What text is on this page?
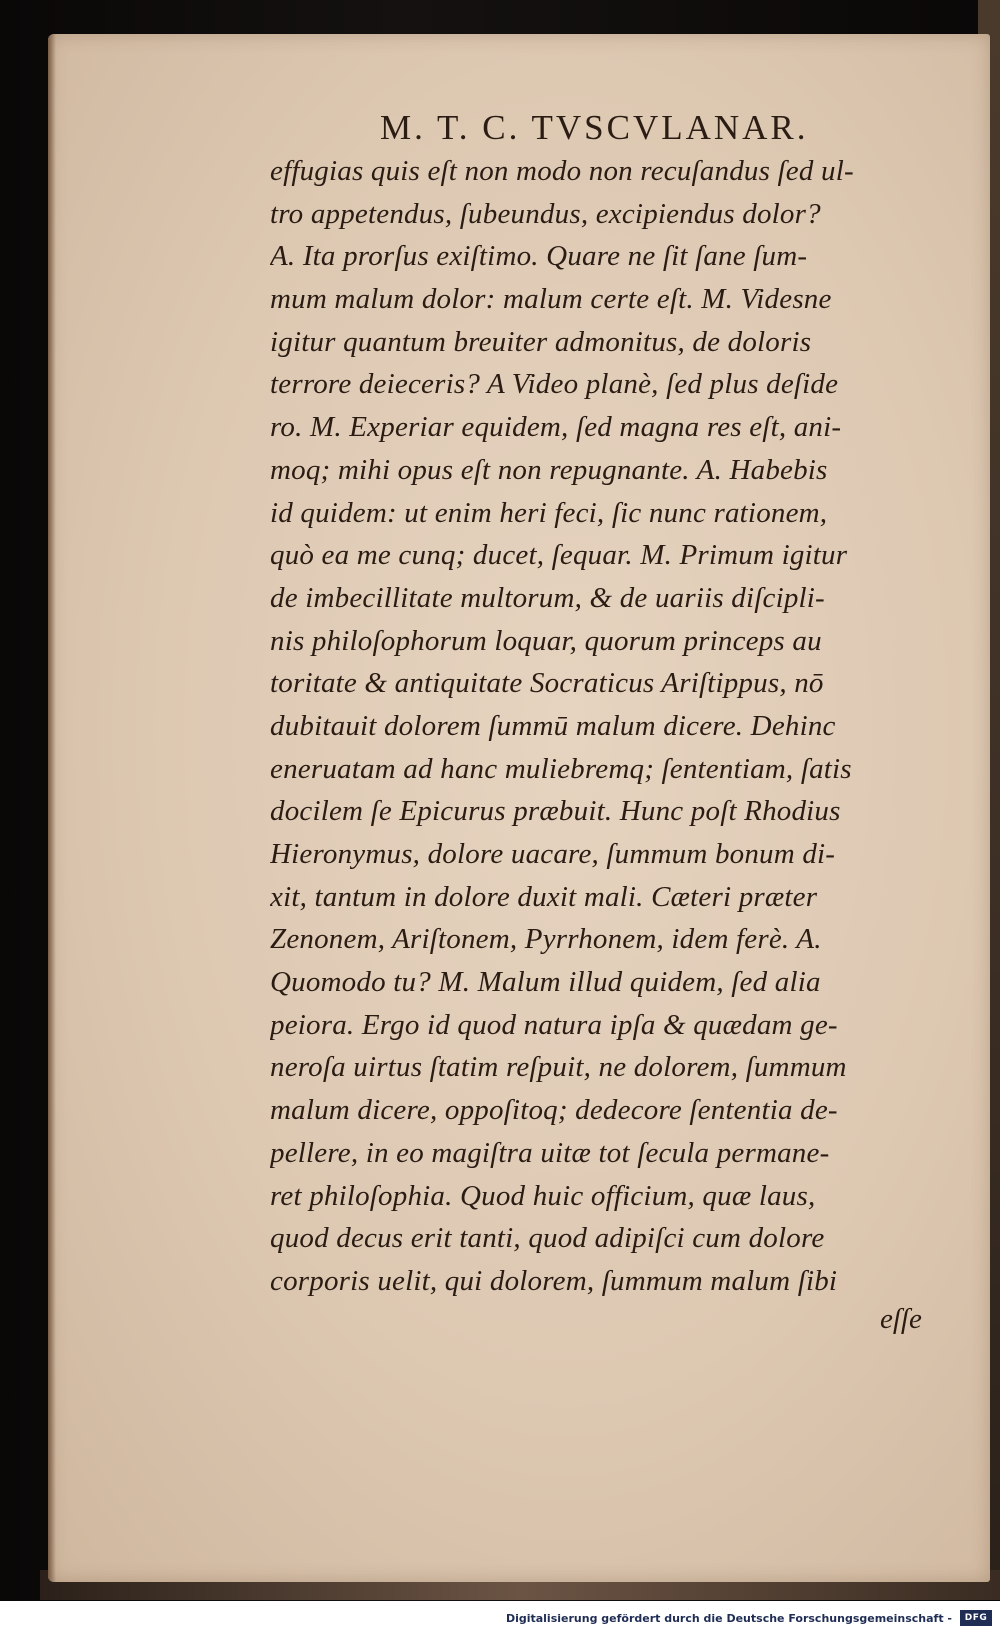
M. T. C. TVSCVLANAR.
effugias quis eſt non modo non recuſandus ſed ul-
tro appetendus, ſubeundus, excipiendus dolor?
A. Ita prorſus exiſtimo. Quare ne ſit ſane ſum-
mum malum dolor: malum certe eſt. M. Videsne
igitur quantum breuiter admonitus, de doloris
terrore deieceris? A Video planè, ſed plus deſide
ro. M. Experiar equidem, ſed magna res eſt, ani-
moq; mihi opus eſt non repugnante. A. Habebis
id quidem: ut enim heri feci, ſic nunc rationem,
quò ea me cunq; ducet, ſequar. M. Primum igitur
de imbecillitate multorum, & de uariis diſcipli-
nis philoſophorum loquar, quorum princeps au
toritate & antiquitate Socraticus Ariſtippus, nō
dubitauit dolorem ſummū malum dicere. Dehinc
eneruatam ad hanc muliebremq; ſententiam, ſatis
docilem ſe Epicurus præbuit. Hunc poſt Rhodius
Hieronymus, dolore uacare, ſummum bonum di-
xit, tantum in dolore duxit mali. Cæteri præter
Zenonem, Ariſtonem, Pyrrhonem, idem ferè. A.
Quomodo tu? M. Malum illud quidem, ſed alia
peiora. Ergo id quod natura ipſa & quædam ge-
neroſa uirtus ſtatim reſpuit, ne dolorem, ſummum
malum dicere, oppoſitoq; dedecore ſententia de-
pellere, in eo magiſtra uitæ tot ſecula permane-
ret philoſophia. Quod huic officium, quæ laus,
quod decus erit tanti, quod adipiſci cum dolore
corporis uelit, qui dolorem, ſummum malum ſibi
eſſe
Digitalisierung gefördert durch die Deutsche Forschungsgemeinschaft -	DFG
